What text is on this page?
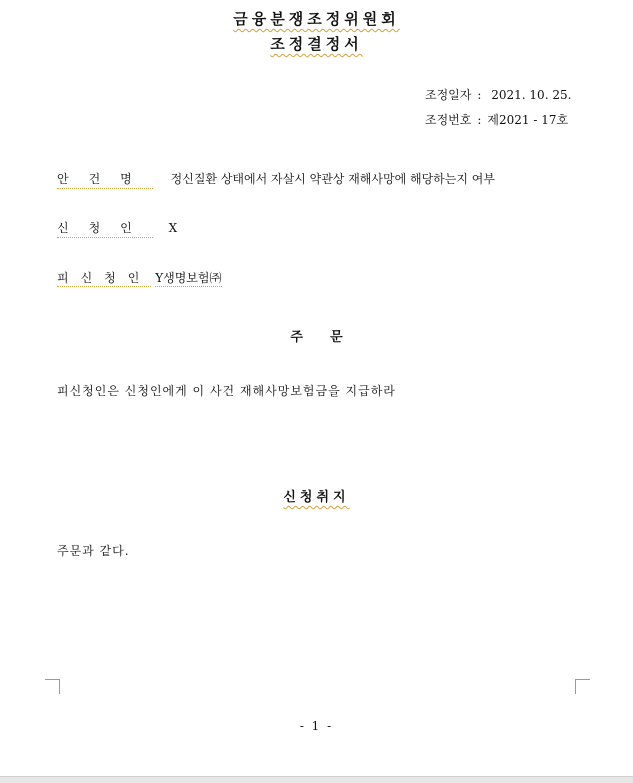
금융분쟁조정위원회
조정결정서
조정일자 : 2021. 10. 25.
조정번호 : 제2021 - 17호
안건명 정신질환 상태에서 자살시 약관상 재해사망에 해당하는지 여부
신청인 X
피신청인 Y생명보험㈜
주      문
피신청인은 신청인에게 이 사건 재해사망보험금을 지급하라
신청취지
주문과 같다.
- 1 -
